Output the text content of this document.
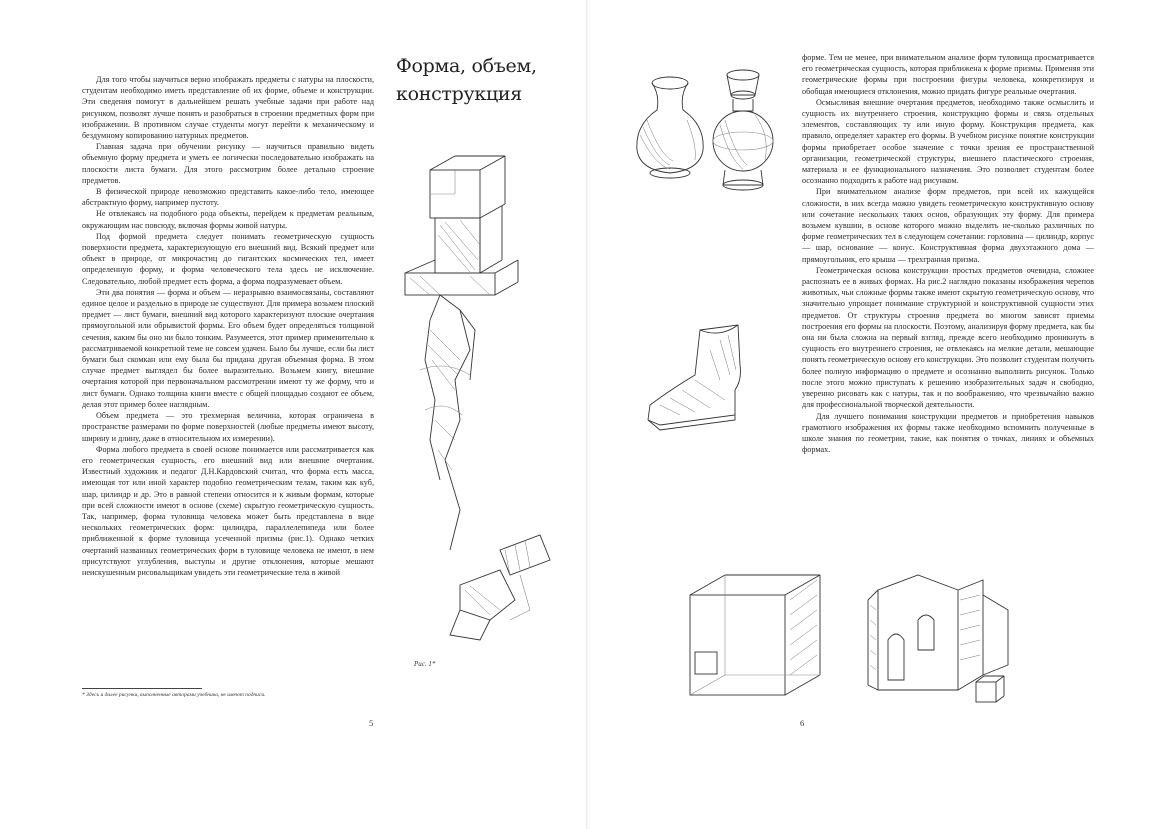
Для того чтобы научиться верно изображать предметы с натуры на плоскости, студентам необходимо иметь представление об их форме, объеме и конструкции. Эти сведения помогут в дальнейшем решать учебные задачи при работе над рисунком, позволят лучше понять и разобраться в строении предметных форм при изображении. В противном случае студенты могут перейти к механическому и бездумному копированию натурных предметов.

Главная задача при обучении рисунку — научиться правильно видеть объемную форму предмета и уметь ее логически последовательно изображать на плоскости листа бумаги. Для этого рассмотрим более детально строение предметов.

В физической природе невозможно представить какое-либо тело, имеющее абстрактную форму, например пустоту.

Не отвлекаясь на подобного рода объекты, перейдем к предметам реальным, окружающим нас повсюду, включая формы живой натуры.

Под формой предмета следует понимать геометрическую сущность поверхности предмета, характеризующую его внешний вид. Всякий предмет или объект в природе, от микрочастиц до гигантских космических тел, имеет определенную форму, и форма человеческого тела здесь не исключение. Следовательно, любой предмет есть форма, а форма подразумевает объем.

Эти два понятия — форма и объем — неразрывно взаимосвязаны, составляют единое целое и раздельно в природе не существуют. Для примера возьмем плоский предмет — лист бумаги, внешний вид которого характеризуют плоские очертания прямоугольной или обрывистой формы. Его объем будет определяться толщиной сечения, каким бы оно ни было тонким. Разумеется, этот пример применительно к рассматриваемой конкретной теме не совсем удачен. Было бы лучше, если бы лист бумаги был скомкан или ему была бы придана другая объемная форма. В этом случае предмет выглядел бы более выразительно. Возьмем книгу, внешние очертания которой при первоначальном рассмотрении имеют ту же форму, что и лист бумаги. Однако толщина книги вместе с общей площадью создают ее объем, делая этот пример более наглядным.

Объем предмета — это трехмерная величина, которая ограничена в пространстве размерами по форме поверхностей (любые предметы имеют высоту, ширину и длину, даже в относительном их измерении).

Форма любого предмета в своей основе понимается или рассматривается как его геометрическая сущность, его внешний вид или внешние очертания. Известный художник и педагог Д.Н.Кардовский считал, что форма есть масса, имеющая тот или иной характер подобно геометрическим телам, таким как куб, шар, цилиндр и др. Это в равной степени относится и к живым формам, которые при всей сложности имеют в основе (схеме) скрытую геометрическую сущность. Так, например, форма туловища человека может быть представлена в виде нескольких геометрических форм: цилиндра, параллелепипеда или более приближенной к форме туловища усеченной призмы (рис.1). Однако четких очертаний названных геометрических форм в туловище человека не имеют, в нем присутствуют углубления, выступы и другие отклонения, которые мешают неискушенным рисовальщикам увидеть эти геометрические тела в живой

Форма, объем,
конструкция
Рис. 1*
* Здесь и далее рисунки, выполненные авторами учебника, не имеют подписи.
5

форме. Тем не менее, при внимательном анализе форм туловища просматривается его геометрическая сущность, которая приближена к форме призмы. Применяя эти геометрические формы при построении фигуры человека, конкретизируя и обобщая имеющиеся отклонения, можно придать фигуре реальные очертания.

Осмысливая внешние очертания предметов, необходимо также осмыслить и сущность их внутреннего строения, конструкцию формы и связь отдельных элементов, составляющих ту или иную форму. Конструкция предмета, как правило, определяет характер его формы. В учебном рисунке понятие конструкции формы приобретает особое значение с точки зрения ее пространственной организации, геометрической структуры, внешнего пластического строения, материала и ее функционального назначения. Это позволяет студентам более осознанно подходить к работе над рисунком.

При внимательном анализе форм предметов, при всей их кажущейся сложности, в них всегда можно увидеть геометрическую конструктивную основу или сочетание нескольких таких основ, образующих эту форму. Для примера возьмем кувшин, в основе которого можно выделить не-сколько различных по форме геометрических тел в следующем сочетании: горловина — цилиндр, корпус — шар, основание — конус. Конструктивная форма двухэтажного дома — прямоугольник, его крыша — трехгранная призма.

Геометрическая основа конструкции простых предметов очевидна, сложнее распознать ее в живых формах. На рис.2 наглядно показаны изображения черепов животных, чьи сложные формы также имеют скрытую геометрическую основу, что значительно упрощает понимание структурной и конструктивной сущности этих предметов. От структуры строения предмета во многом зависят приемы построения его формы на плоскости. Поэтому, анализируя форму предмета, как бы она ни была сложна на первый взгляд, прежде всего необходимо проникнуть в сущность его внутреннего строения, не отвлекаясь на мелкие детали, мешающие понять геометрическую основу его конструкции. Это позволит студентам получить более полную информацию о предмете и осознанно выполнить рисунок. Только после этого можно приступать к решению изобразительных задач и свободно, уверенно рисовать как с натуры, так и по воображению, что чрезвычайно важно для профессиональной творческой деятельности.

Для лучшего понимания конструкции предметов и приобретения навыков грамотного изображения их формы также необходимо вспомнить полученные в школе знания по геометрии, такие, как понятия о точках, линиях и объемных формах.

6
